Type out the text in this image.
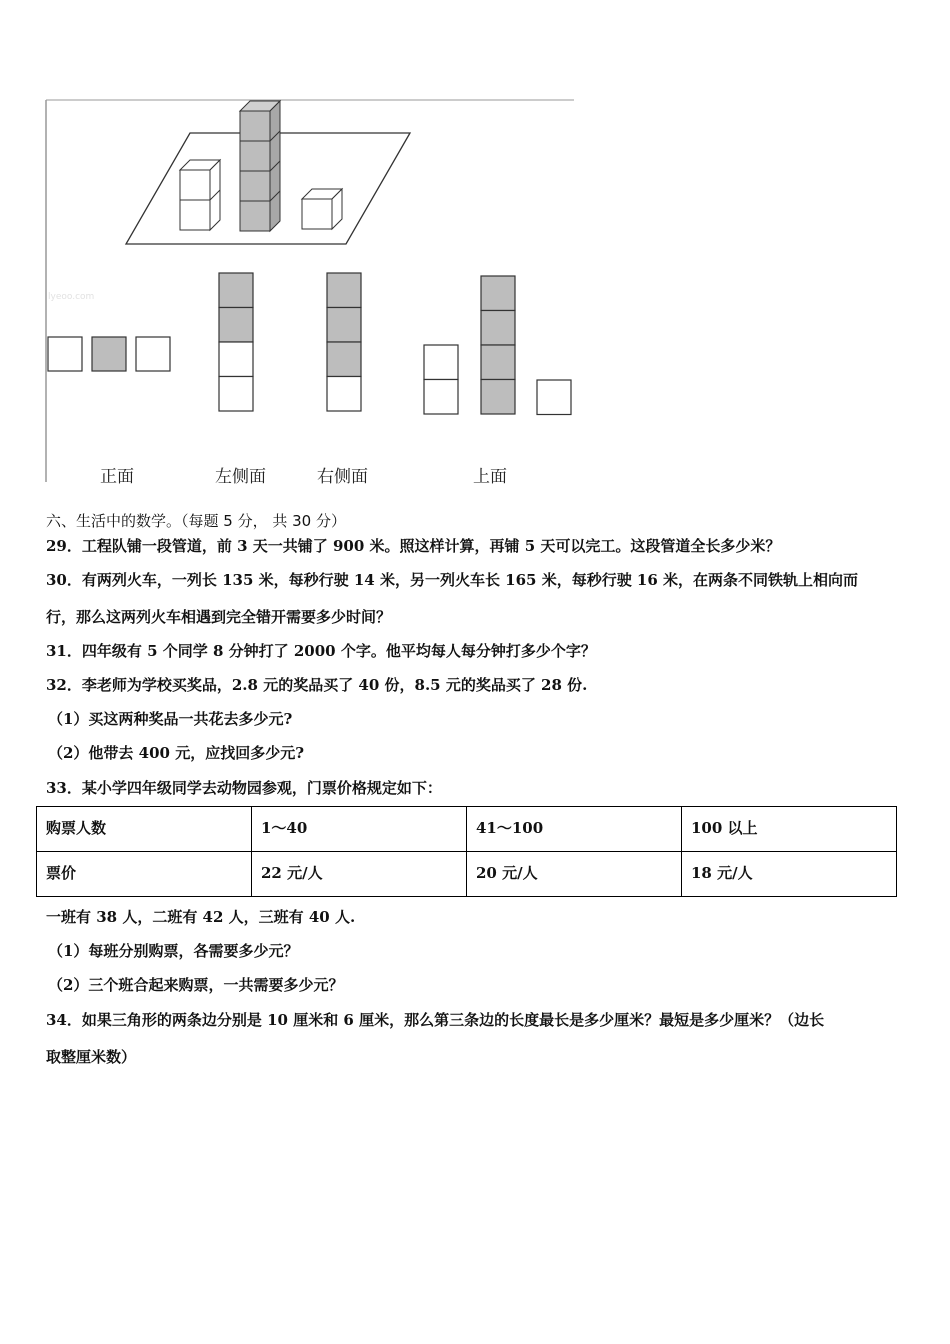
lyeoo.com
正面	左侧面	右侧面	上面
六、生活中的数学。（每题 5 分， 共 30 分）
29．工程队铺一段管道，前 3 天一共铺了 900 米。照这样计算，再铺 5 天可以完工。这段管道全长多少米？
30．有两列火车，一列长 135 米，每秒行驶 14 米，另一列火车长 165 米，每秒行驶 16 米，在两条不同铁轨上相向而
行，那么这两列火车相遇到完全错开需要多少时间？
31．四年级有 5 个同学 8 分钟打了 2000 个字。他平均每人每分钟打多少个字？
32．李老师为学校买奖品，2.8 元的奖品买了 40 份，8.5 元的奖品买了 28 份.
（1）买这两种奖品一共花去多少元?
（2）他带去 400 元，应找回多少元?
33．某小学四年级同学去动物园参观，门票价格规定如下：
购票人数	1～40	41～100	100 以上
票价	22 元/人	20 元/人	18 元/人
一班有 38 人，二班有 42 人，三班有 40 人.
（1）每班分别购票，各需要多少元？
（2）三个班合起来购票，一共需要多少元？
34．如果三角形的两条边分别是 10 厘米和 6 厘米，那么第三条边的长度最长是多少厘米？最短是多少厘米？（边长
取整厘米数）
